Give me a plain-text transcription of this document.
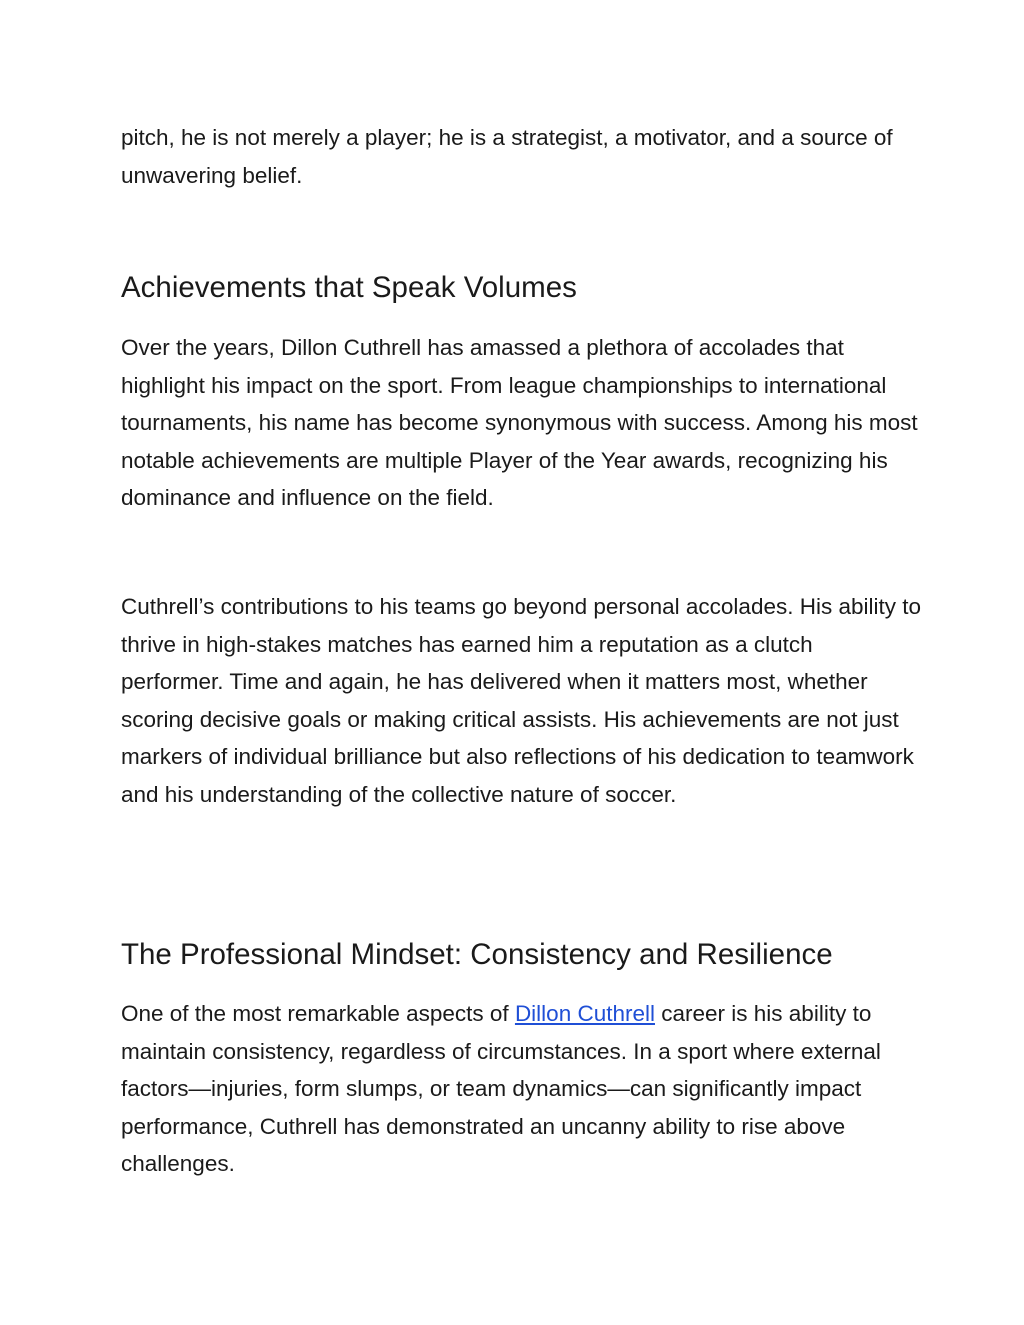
pitch, he is not merely a player; he is a strategist, a motivator, and a source of unwavering belief.

Achievements that Speak Volumes

Over the years, Dillon Cuthrell has amassed a plethora of accolades that highlight his impact on the sport. From league championships to international tournaments, his name has become synonymous with success. Among his most notable achievements are multiple Player of the Year awards, recognizing his dominance and influence on the field.

Cuthrell’s contributions to his teams go beyond personal accolades. His ability to thrive in high-stakes matches has earned him a reputation as a clutch performer. Time and again, he has delivered when it matters most, whether scoring decisive goals or making critical assists. His achievements are not just markers of individual brilliance but also reflections of his dedication to teamwork and his understanding of the collective nature of soccer.

The Professional Mindset: Consistency and Resilience

One of the most remarkable aspects of Dillon Cuthrell career is his ability to maintain consistency, regardless of circumstances. In a sport where external factors—injuries, form slumps, or team dynamics—can significantly impact performance, Cuthrell has demonstrated an uncanny ability to rise above challenges.
